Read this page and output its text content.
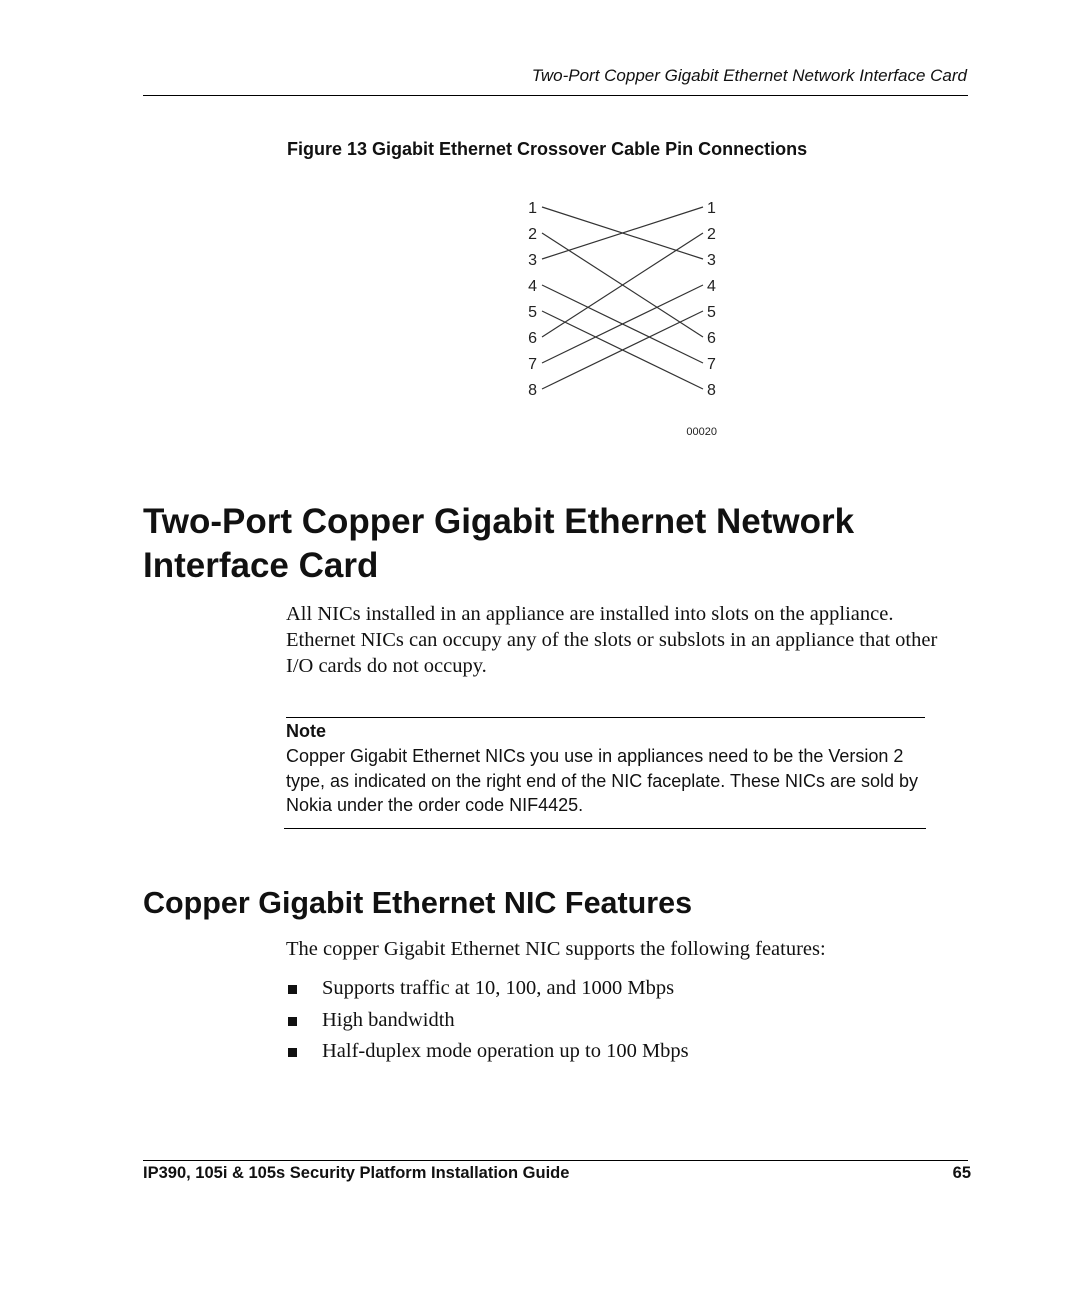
Two-Port Copper Gigabit Ethernet Network Interface Card
Figure 13 Gigabit Ethernet Crossover Cable Pin Connections
1
2
3
4
5
6
7
8
1
2
3
4
5
6
7
8
00020
Two-Port Copper Gigabit Ethernet Network Interface Card
All NICs installed in an appliance are installed into slots on the appliance. Ethernet NICs can occupy any of the slots or subslots in an appliance that other I/O cards do not occupy.
Note
Copper Gigabit Ethernet NICs you use in appliances need to be the Version 2 type, as indicated on the right end of the NIC faceplate. These NICs are sold by Nokia under the order code NIF4425.
Copper Gigabit Ethernet NIC Features
The copper Gigabit Ethernet NIC supports the following features:
Supports traffic at 10, 100, and 1000 Mbps
High bandwidth
Half-duplex mode operation up to 100 Mbps
IP390, 105i & 105s Security Platform Installation Guide	65
